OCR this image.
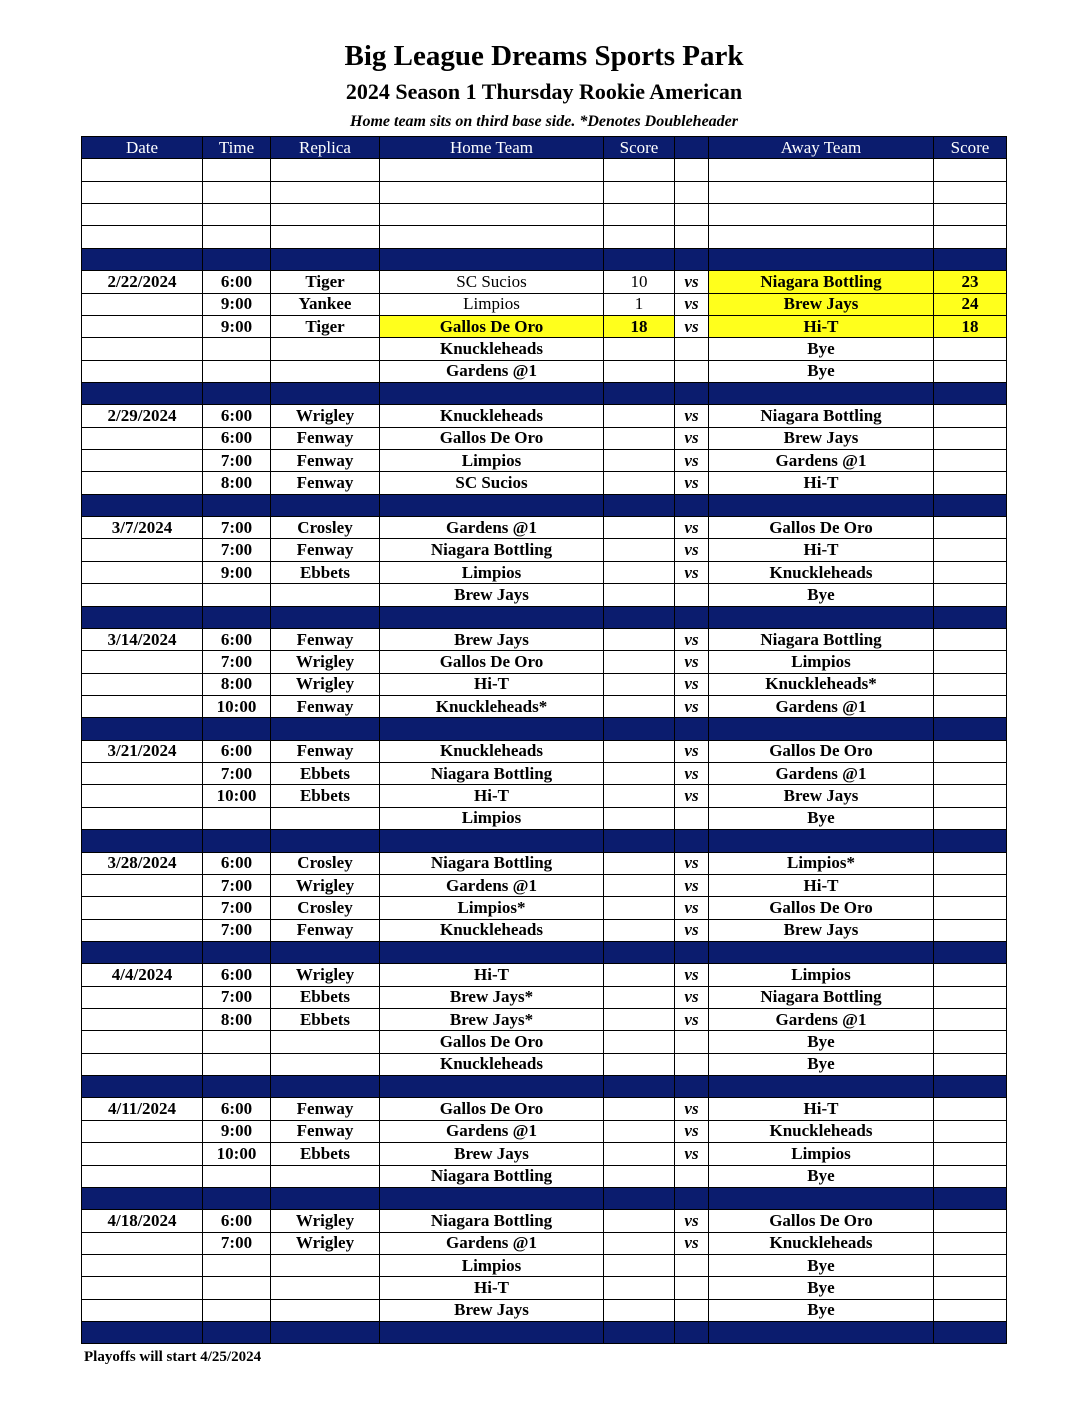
Big League Dreams Sports Park
2024 Season 1 Thursday Rookie American
Home team sits on third base side. *Denotes Doubleheader
Date	Time	Replica	Home Team	Score		Away Team	Score

2/22/2024	6:00	Tiger	SC Sucios	10	vs	Niagara Bottling	23
	9:00	Yankee	Limpios	1	vs	Brew Jays	24
	9:00	Tiger	Gallos De Oro	18	vs	Hi-T	18
			Knuckleheads			Bye	
			Gardens @1			Bye	

2/29/2024	6:00	Wrigley	Knuckleheads		vs	Niagara Bottling	
	6:00	Fenway	Gallos De Oro		vs	Brew Jays	
	7:00	Fenway	Limpios		vs	Gardens @1	
	8:00	Fenway	SC Sucios		vs	Hi-T	

3/7/2024	7:00	Crosley	Gardens @1		vs	Gallos De Oro	
	7:00	Fenway	Niagara Bottling		vs	Hi-T	
	9:00	Ebbets	Limpios		vs	Knuckleheads	
			Brew Jays			Bye	

3/14/2024	6:00	Fenway	Brew Jays		vs	Niagara Bottling	
	7:00	Wrigley	Gallos De Oro		vs	Limpios	
	8:00	Wrigley	Hi-T		vs	Knuckleheads*	
	10:00	Fenway	Knuckleheads*		vs	Gardens @1	

3/21/2024	6:00	Fenway	Knuckleheads		vs	Gallos De Oro	
	7:00	Ebbets	Niagara Bottling		vs	Gardens @1	
	10:00	Ebbets	Hi-T		vs	Brew Jays	
			Limpios			Bye	

3/28/2024	6:00	Crosley	Niagara Bottling		vs	Limpios*	
	7:00	Wrigley	Gardens @1		vs	Hi-T	
	7:00	Crosley	Limpios*		vs	Gallos De Oro	
	7:00	Fenway	Knuckleheads		vs	Brew Jays	

4/4/2024	6:00	Wrigley	Hi-T		vs	Limpios	
	7:00	Ebbets	Brew Jays*		vs	Niagara Bottling	
	8:00	Ebbets	Brew Jays*		vs	Gardens @1	
			Gallos De Oro			Bye	
			Knuckleheads			Bye	

4/11/2024	6:00	Fenway	Gallos De Oro		vs	Hi-T	
	9:00	Fenway	Gardens @1		vs	Knuckleheads	
	10:00	Ebbets	Brew Jays		vs	Limpios	
			Niagara Bottling			Bye	

4/18/2024	6:00	Wrigley	Niagara Bottling		vs	Gallos De Oro	
	7:00	Wrigley	Gardens @1		vs	Knuckleheads	
			Limpios			Bye	
			Hi-T			Bye	
			Brew Jays			Bye	

Playoffs will start 4/25/2024
